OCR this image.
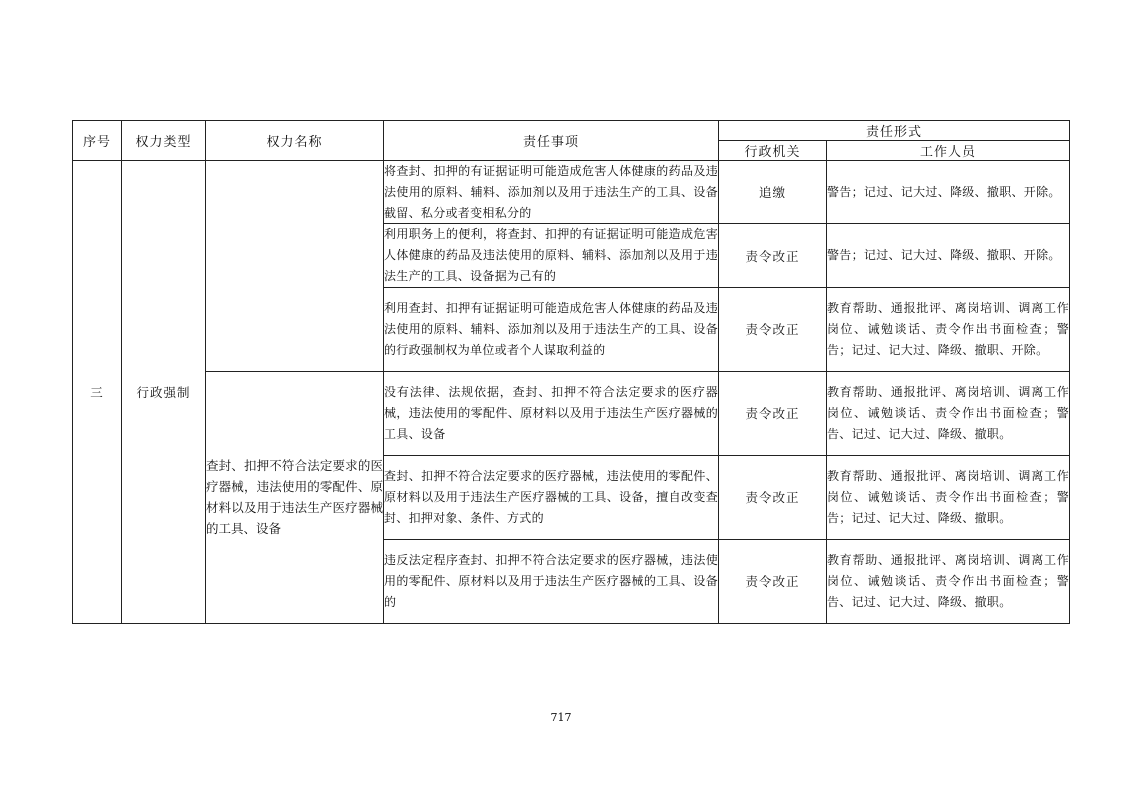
序号	权力类型	权力名称	责任事项	责任形式	
				行政机关	工作人员
三	行政强制		将查封、扣押的有证据证明可能造成危害人体健康的药品及违法使用的原料、辅料、添加剂以及用于违法生产的工具、设备截留、私分或者变相私分的	追缴	警告；记过、记大过、降级、撤职、开除。
			利用职务上的便利，将查封、扣押的有证据证明可能造成危害人体健康的药品及违法使用的原料、辅料、添加剂以及用于违法生产的工具、设备据为己有的	责令改正	警告；记过、记大过、降级、撤职、开除。
			利用查封、扣押有证据证明可能造成危害人体健康的药品及违法使用的原料、辅料、添加剂以及用于违法生产的工具、设备的行政强制权为单位或者个人谋取利益的	责令改正	教育帮助、通报批评、离岗培训、调离工作岗位、诫勉谈话、责令作出书面检查；警告；记过、记大过、降级、撤职、开除。
		查封、扣押不符合法定要求的医疗器械，违法使用的零配件、原材料以及用于违法生产医疗器械的工具、设备	没有法律、法规依据，查封、扣押不符合法定要求的医疗器械，违法使用的零配件、原材料以及用于违法生产医疗器械的工具、设备	责令改正	教育帮助、通报批评、离岗培训、调离工作岗位、诫勉谈话、责令作出书面检查；警告、记过、记大过、降级、撤职。
			查封、扣押不符合法定要求的医疗器械，违法使用的零配件、原材料以及用于违法生产医疗器械的工具、设备，擅自改变查封、扣押对象、条件、方式的	责令改正	教育帮助、通报批评、离岗培训、调离工作岗位、诫勉谈话、责令作出书面检查；警告；记过、记大过、降级、撤职。
			违反法定程序查封、扣押不符合法定要求的医疗器械，违法使用的零配件、原材料以及用于违法生产医疗器械的工具、设备的	责令改正	教育帮助、通报批评、离岗培训、调离工作岗位、诫勉谈话、责令作出书面检查；警告、记过、记大过、降级、撤职。
717
